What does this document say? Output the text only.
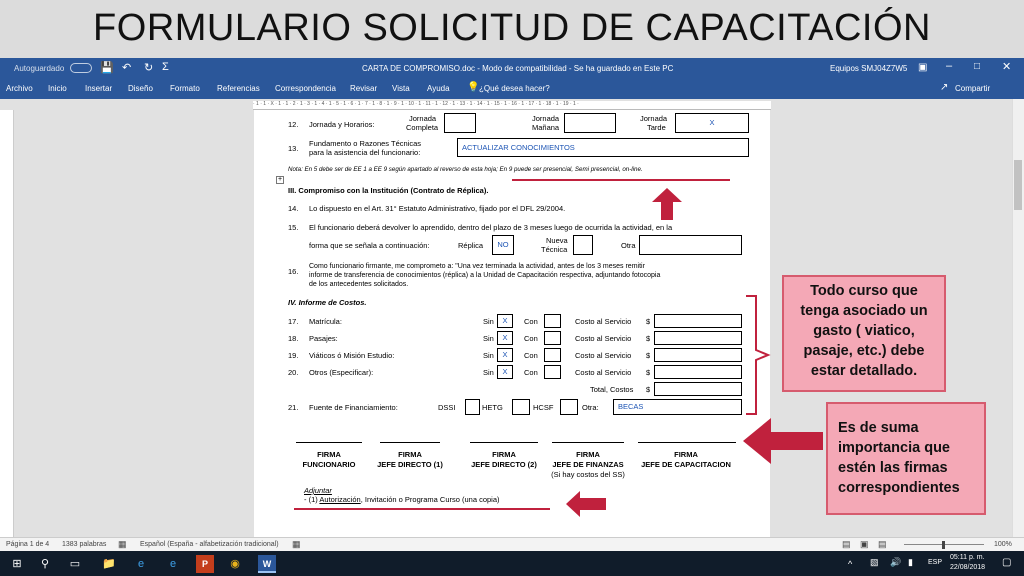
FORMULARIO SOLICITUD DE CAPACITACIÓN
Autoguardado	💾 ↶ ↻ Σ	CARTA DE COMPROMISO.doc - Modo de compatibilidad - Se ha guardado en Este PC	Equipos SMJ04Z7W5 ▣ – □ ✕
Archivo Inicio Insertar Diseño Formato Referencias Correspondencia Revisar Vista Ayuda 💡 ¿Qué desea hacer?	↗ Compartir
· 1 · 1 · X · 1 · 1 · 2 · 1 · 3 · 1 · 4 · 1 · 5 · 1 · 6 · 1 · 7 · 1 · 8 · 1 · 9 · 1 · 10 · 1 · 11 · 1 · 12 · 1 · 13 · 1 · 14 · 1 · 15 · 1 · 16 · 1 · 17 · 1 · 18 · 1 · 19 · 1 ·
12. Jornada y Horarios:
Jornada
Completa
Jornada
Mañana
Jornada
Tarde
X
13.
Fundamento o Razones Técnicas
para la asistencia del funcionario:
ACTUALIZAR CONOCIMIENTOS
Nota: En 5 debe ser de EE 1 a EE 9 según apartado al reverso de esta hoja; En 9 puede ser presencial, Semi presencial, on-line.
III. Compromiso con la Institución (Contrato de Réplica).
14. Lo dispuesto en el Art. 31° Estatuto Administrativo, fijado por el DFL 29/2004.
15. El funcionario deberá devolver lo aprendido, dentro del plazo de 3 meses luego de ocurrida la actividad, en la
forma que se señala a continuación:	Réplica	NO	Nueva
Técnica	Otra
16.
Como funcionario firmante, me comprometo a: "Una vez terminada la actividad, antes de los 3 meses remitir
informe de transferencia de conocimientos (réplica) a la Unidad de Capacitación respectiva, adjuntando fotocopia
de los antecedentes solicitados.
IV. Informe de Costos.
17. Matrícula:	Sin	X	Con	Costo al Servicio $
18. Pasajes:	Sin	X	Con	Costo al Servicio $
19. Viáticos ó Misión Estudio:	Sin	X	Con	Costo al Servicio $
20. Otros (Especificar):	Sin	X	Con	Costo al Servicio $
Total, Costos $
21. Fuente de Financiamiento:	DSSI	HETG	HCSF	Otra:	BECAS
FIRMA
FUNCIONARIO
FIRMA
JEFE DIRECTO (1)
FIRMA
JEFE DIRECTO (2)
FIRMA
JEFE DE FINANZAS
(Si hay costos del SS)
FIRMA
JEFE DE CAPACITACION
Adjuntar
- (1) Autorización, Invitación o Programa Curso (una copia)
+
Todo curso que tenga asociado un gasto ( viatico, pasaje, etc.) debe estar detallado.
Es de suma importancia que estén las firmas correspondientes
Página 1 de 4 1383 palabras ▦ Español (España - alfabetización tradicional) ▦	▤ ▣ ▤	100%
⊞	⚲	▭	📁	e	e	P	◉	W	^ ▧ 🔊 ▮ ESP
05:11 p. m.
22/08/2018 ▢
